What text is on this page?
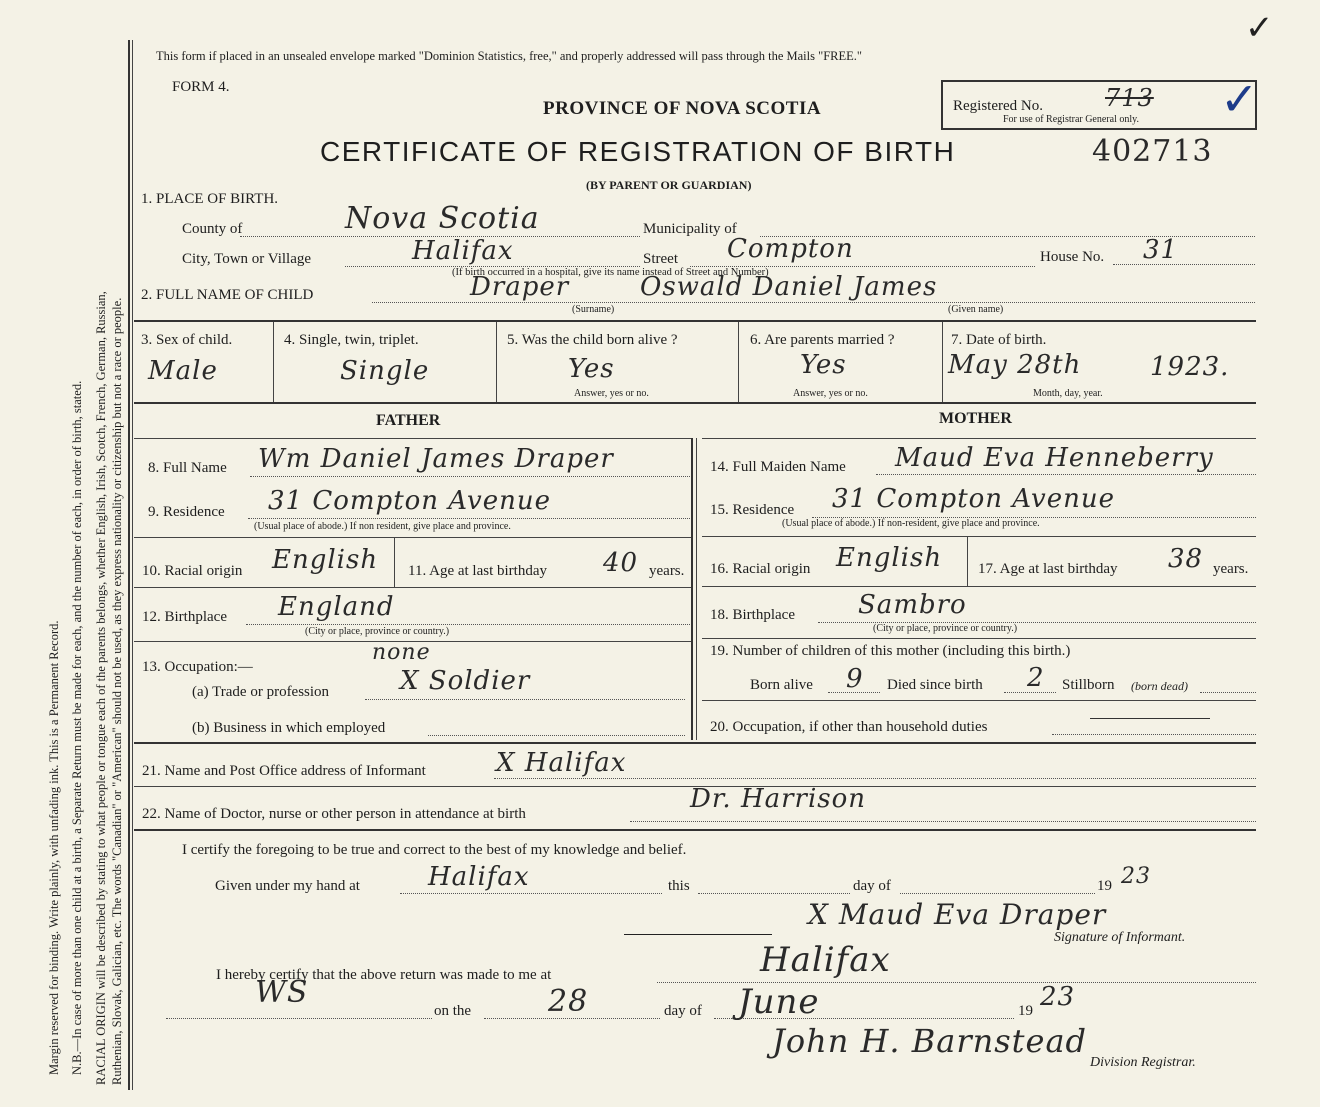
Margin reserved for binding. Write plainly, with unfading ink. This is a Permanent Record. N.B.—In case of more than one child at a birth, a Separate Return must be made for each, and the number of each, in order of birth, stated. RACIAL ORIGIN will be described by stating to what people or tongue each of the parents belongs, whether English, Irish, Scotch, French, German, Russian, Ruthenian, Slovak, Galician, etc. The words "Canadian" or "American" should not be used, as they express nationality or citizenship but not a race or people.
This form if placed in an unsealed envelope marked "Dominion Statistics, free," and properly addressed will pass through the Mails "FREE."
FORM 4.
PROVINCE OF NOVA SCOTIA
CERTIFICATE OF REGISTRATION OF BIRTH	402713
(BY PARENT OR GUARDIAN)
Registered No.	713
For use of Registrar General only. ✓
✓
1. PLACE OF BIRTH.
County of	Nova Scotia	Municipality of
City, Town or Village	Halifax	Street Compton	House No. 31
(If birth occurred in a hospital, give its name instead of Street and Number)
2. FULL NAME OF CHILD	Draper	Oswald Daniel James
(Surname)	(Given name)
3. Sex of child.
Male
4. Single, twin, triplet.
Single
5. Was the child born alive ?
Yes
Answer, yes or no.
6. Are parents married ?
Yes
Answer, yes or no.
7. Date of birth.
May 28th	1923.
Month, day, year.
FATHER
8. Full Name Wm Daniel James Draper
9. Residence 31 Compton Avenue
(Usual place of abode.) If non resident, give place and province.
10. Racial origin English 11. Age at last birthday 40 years.
12. Birthplace England
(City or place, province or country.)
13. Occupation:—
none
(a) Trade or profession	X Soldier
(b) Business in which employed
MOTHER
14. Full Maiden Name Maud Eva Henneberry
15. Residence 31 Compton Avenue
(Usual place of abode.) If non-resident, give place and province.
16. Racial origin English 17. Age at last birthday 38 years.
18. Birthplace Sambro
(City or place, province or country.)
19. Number of children of this mother (including this birth.)
Born alive 9 Died since birth 2 Stillborn (born dead)
20. Occupation, if other than household duties
21. Name and Post Office address of Informant	X Halifax
22. Name of Doctor, nurse or other person in attendance at birth	Dr. Harrison
I certify the foregoing to be true and correct to the best of my knowledge and belief.
Given under my hand at	Halifax	this	day of	19 23
X Maud Eva Draper
Signature of Informant.
I hereby certify that the above return was made to me at	Halifax
WS
on the	28	day of June	19 23
John H. Barnstead
Division Registrar.
